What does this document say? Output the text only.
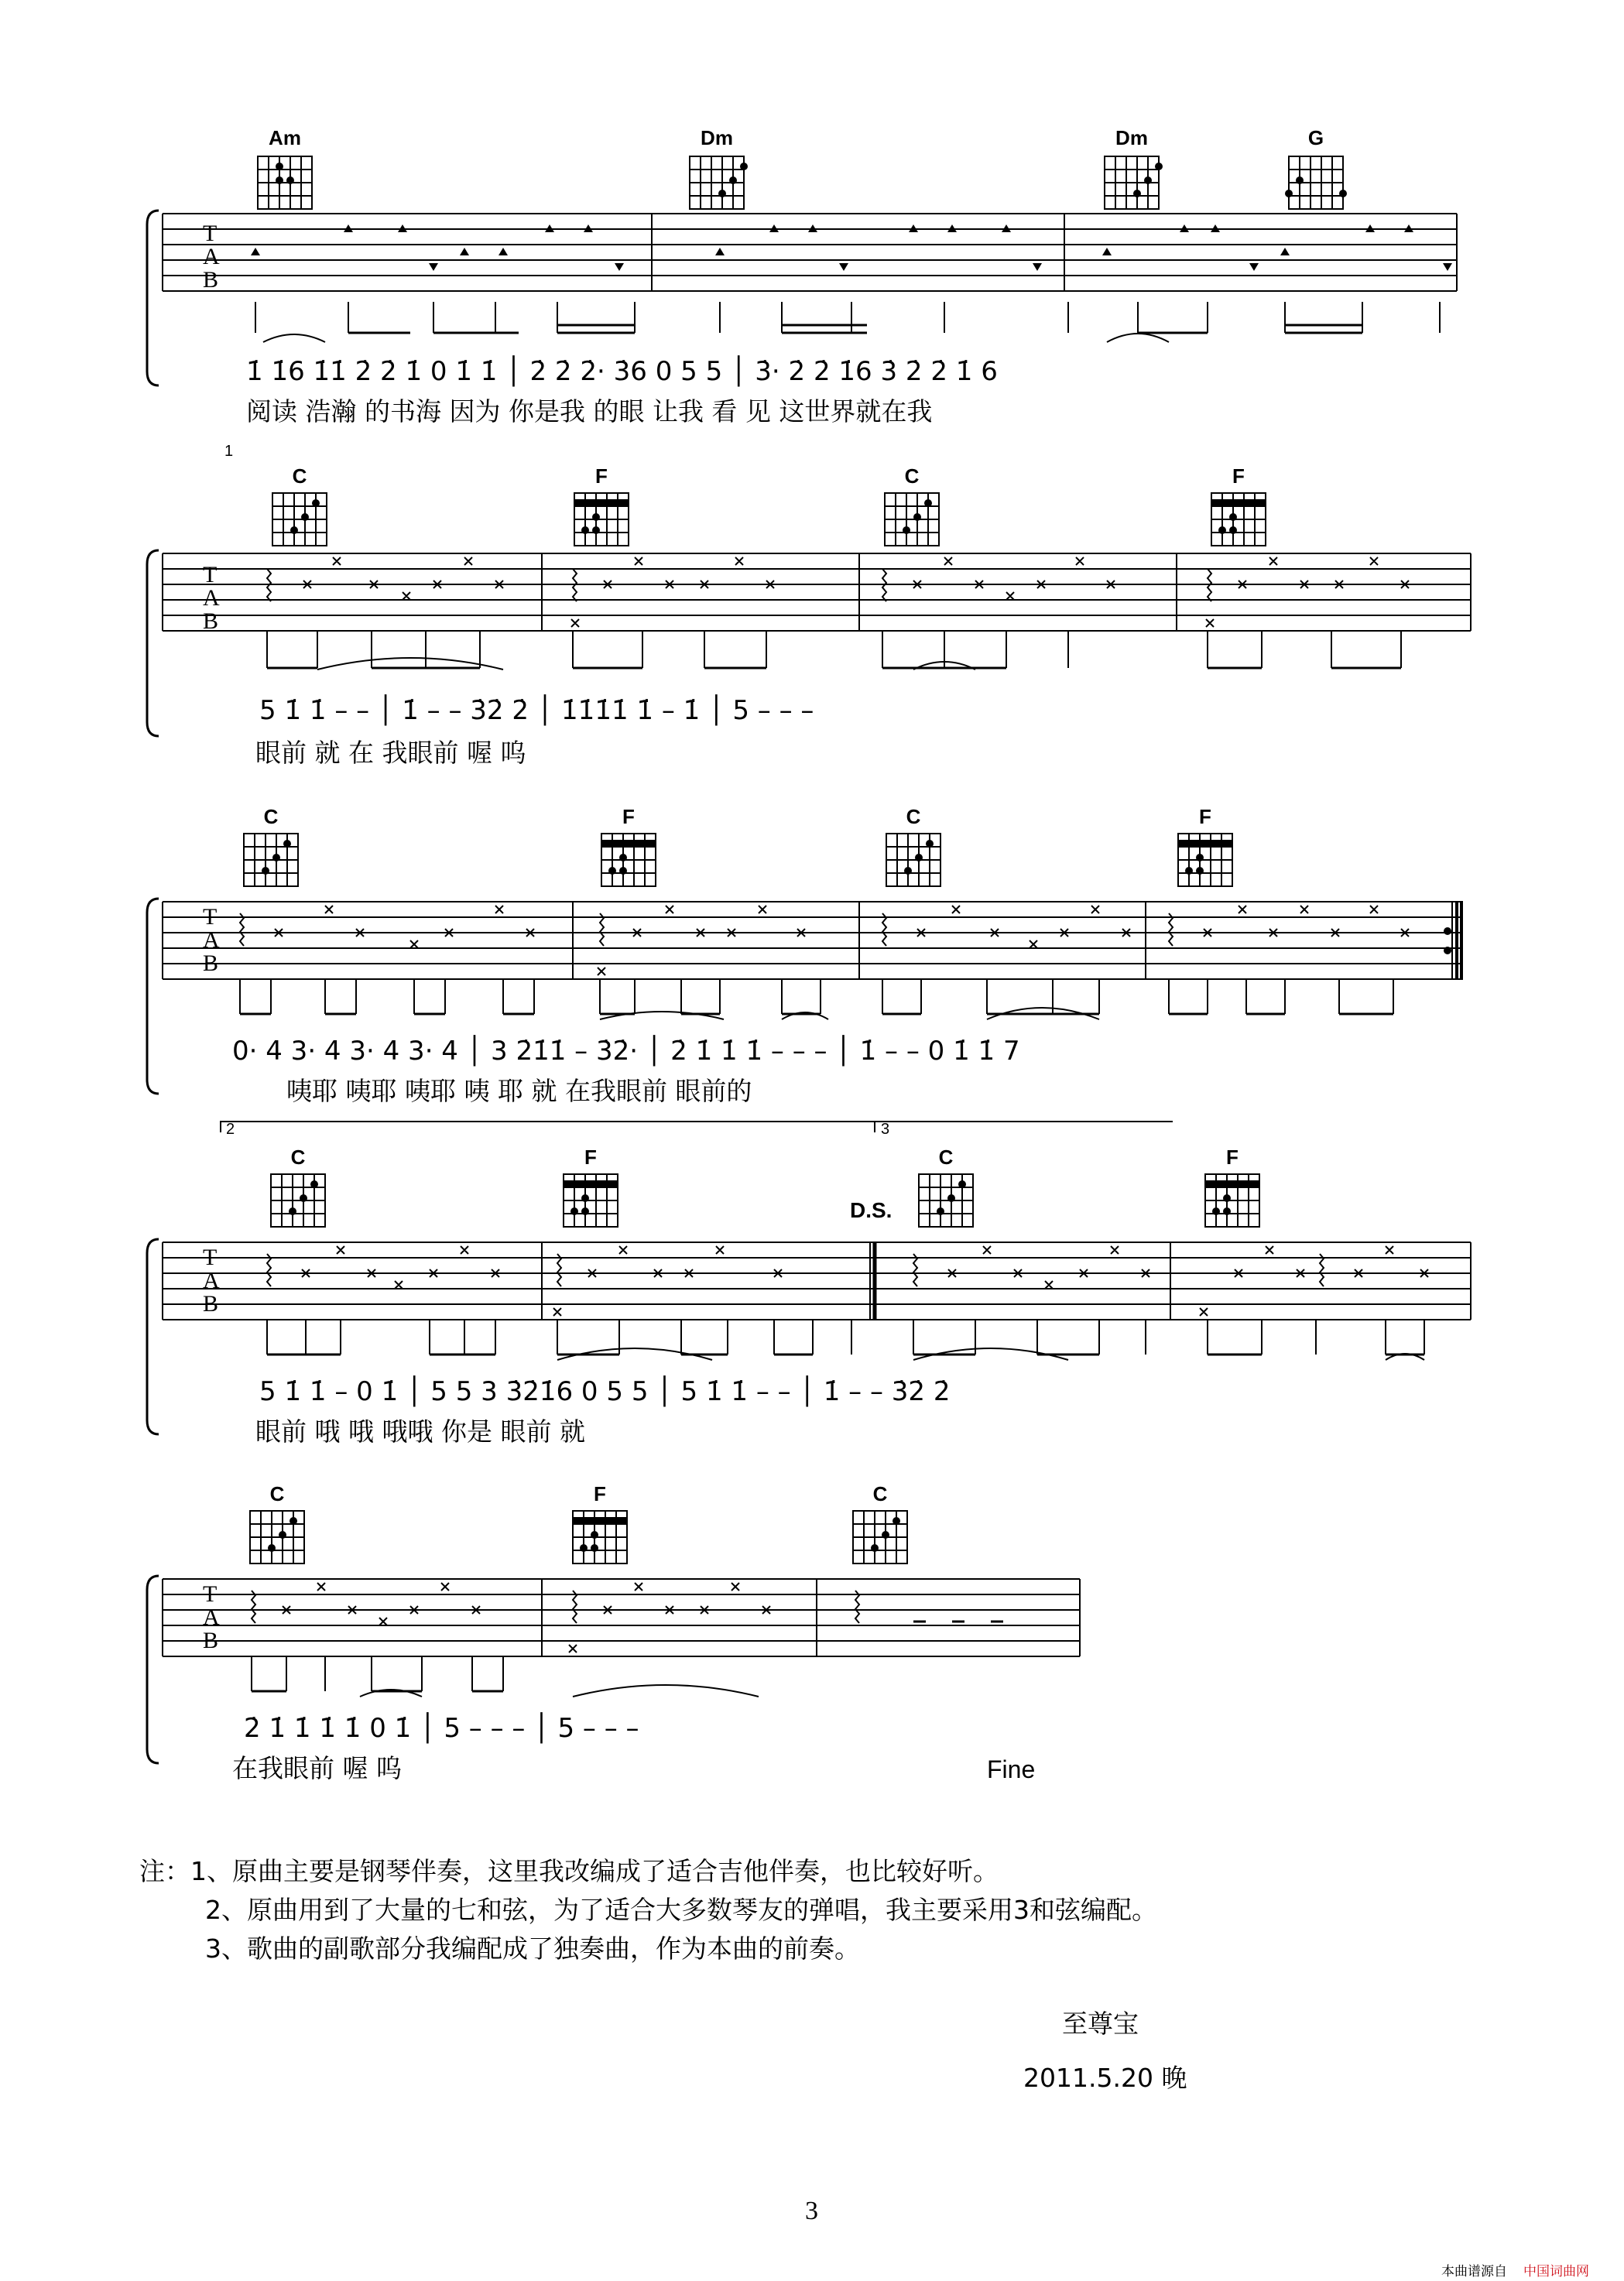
Am	Dm	Dm	G
T
A
B
1̇ 1̇6 1̇1̇ 2̇ 2̇ 1̇ 0 1̇ 1̇ │ 2̇ 2̇ 2̇· 3̇6 0 5 5 │ 3̇· 2̇ 2̇ 1̇6 3̇ 2̇ 2̇ 1̇ 6
阅读 浩瀚 的书海 因为 你是我 的眼 让我 看 见 这世界就在我
1
C	F	C	F
T
A
B
5 1̇ 1̇ – – │ 1̇ – – 3̇2̇ 2̇ │ 1̇1̇1̇1̇ 1̇ – 1̇ │ 5 – – –
眼前 就 在 我眼前 喔 呜
C	F	C	F
T
A
B
0· 4 3· 4 3· 4 3· 4 │ 3 2̇1̇1̇ – 3̇2̇· │ 2̇ 1̇ 1̇ 1̇ – – – │ 1̇ – – 0 1̇ 1̇ 7
咦耶 咦耶 咦耶 咦 耶 就 在我眼前 眼前的
2	3
C	F	C	F
D.S.
T
A
B
5 1̇ 1̇ – 0 1̇ │ 5 5 3 3̇2̇1̇6 0 5 5 │ 5 1̇ 1̇ – – │ 1̇ – – 3̇2̇ 2̇
眼前 哦 哦 哦哦 你是 眼前 就
C	F	C
T
A
B
2̇ 1̇ 1̇ 1̇ 1̇ 0 1̇ │ 5 – – – │ 5 – – –
在我眼前 喔 呜	Fine
注：1、原曲主要是钢琴伴奏，这里我改编成了适合吉他伴奏，也比较好听。
2、原曲用到了大量的七和弦，为了适合大多数琴友的弹唱，我主要采用3和弦编配。
3、歌曲的副歌部分我编配成了独奏曲，作为本曲的前奏。
至尊宝
2011.5.20 晚
3
本曲谱源自 中国词曲网
